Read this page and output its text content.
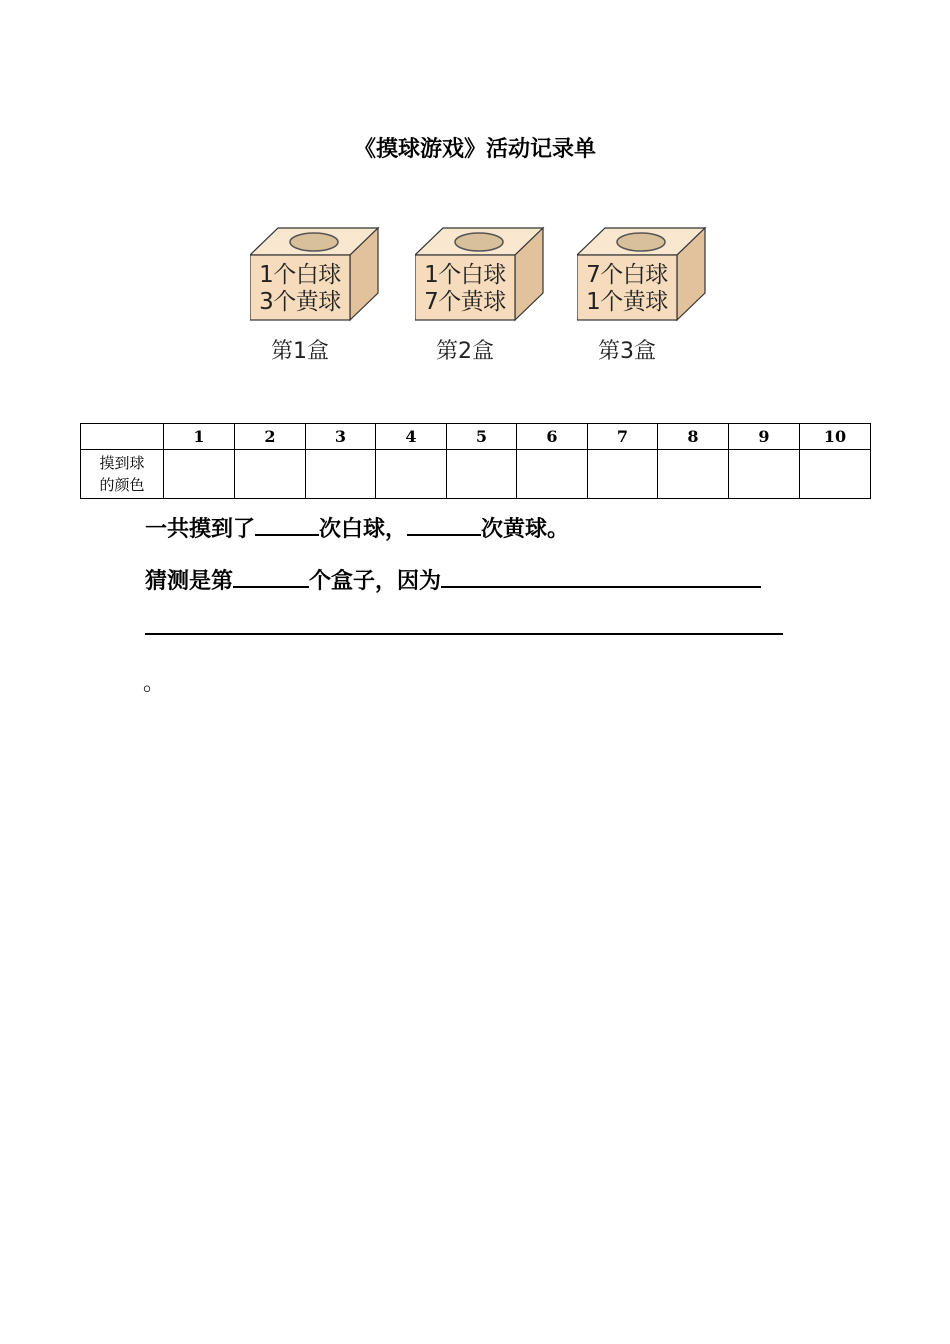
《摸球游戏》活动记录单
1个白球
3个黄球
第1盒
1个白球
7个黄球
第2盒
7个白球
1个黄球
第3盒
	1	2	3	4	5	6	7	8	9	10

摸到球
的颜色										

一共摸到了	次白球，	次黄球。
猜测是第	个盒子，因为
。
